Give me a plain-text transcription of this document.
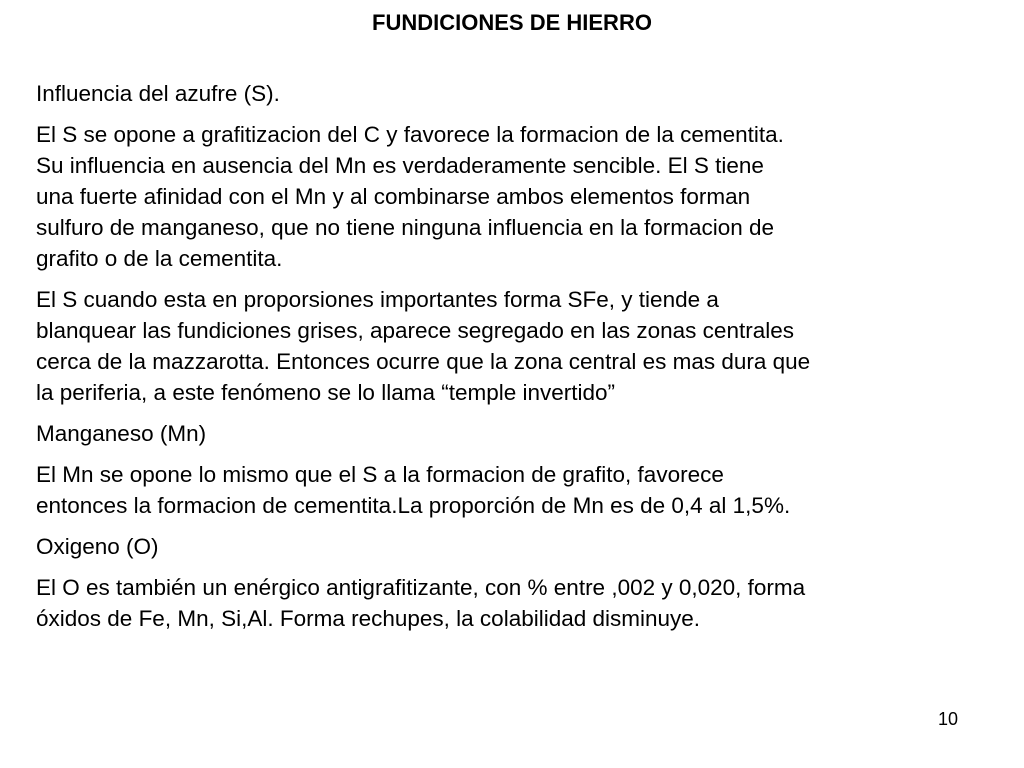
FUNDICIONES DE HIERRO

Influencia del azufre (S).

El S se opone a grafitizacion del C y favorece la formacion de la cementita.
Su influencia en ausencia del Mn es verdaderamente sencible. El S tiene
una fuerte afinidad con el Mn y al combinarse ambos elementos forman
sulfuro de manganeso, que no tiene ninguna influencia en la formacion de
grafito o de la cementita.

El S cuando esta en proporsiones importantes forma SFe, y tiende a
blanquear las fundiciones grises, aparece segregado en las zonas centrales
cerca de la mazzarotta. Entonces ocurre que la zona central es mas dura que
la periferia, a este fenómeno se lo llama “temple invertido”

Manganeso (Mn)

El Mn se opone lo mismo que el S a la formacion de grafito, favorece
entonces la formacion de cementita.La proporción de Mn es de 0,4 al 1,5%.

Oxigeno (O)

El O es también un enérgico antigrafitizante, con % entre ,002 y 0,020, forma
óxidos de Fe, Mn, Si,Al. Forma rechupes, la colabilidad disminuye.

10
